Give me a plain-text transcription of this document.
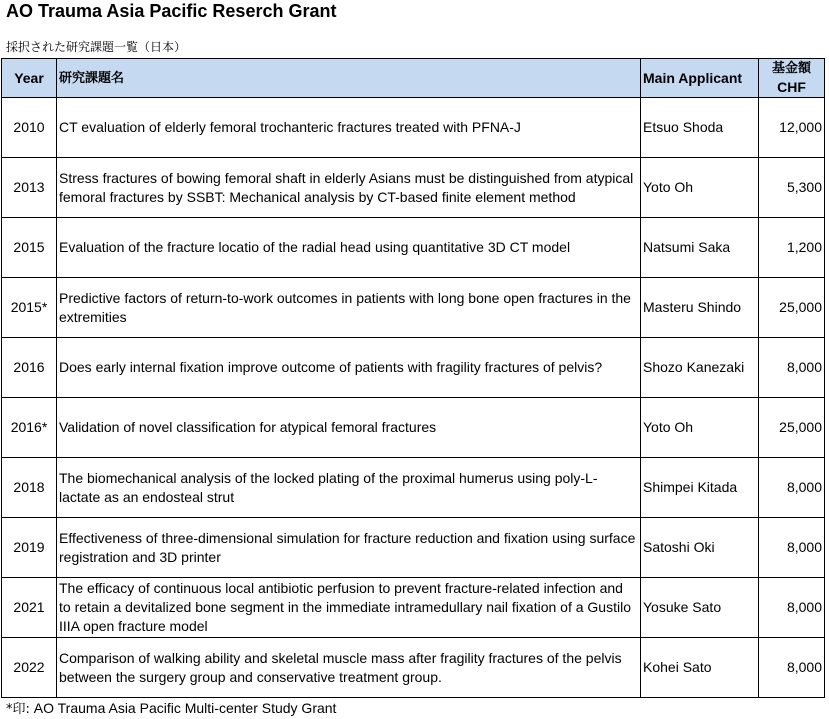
AO Trauma Asia Pacific Reserch Grant
採択された研究課題一覧（日本）
Year	研究課題名	Main Applicant	基金額
CHF

2010	CT evaluation of elderly femoral trochanteric fractures treated with PFNA-J	Etsuo Shoda	12,000
2013	Stress fractures of bowing femoral shaft in elderly Asians must be distinguished from atypical femoral fractures by SSBT: Mechanical analysis by CT-based finite element method	Yoto Oh	5,300
2015	Evaluation of the fracture locatio of the radial head using quantitative 3D CT model	Natsumi Saka	1,200
2015*	Predictive factors of return-to-work outcomes in patients with long bone open fractures in the extremities	Masteru Shindo	25,000
2016	Does early internal fixation improve outcome of patients with fragility fractures of pelvis?	Shozo Kanezaki	8,000
2016*	Validation of novel classification for atypical femoral fractures	Yoto Oh	25,000
2018	The biomechanical analysis of the locked plating of the proximal humerus using poly-L-lactate as an endosteal strut	Shimpei Kitada	8,000
2019	Effectiveness of three-dimensional simulation for fracture reduction and fixation using surface registration and 3D printer	Satoshi Oki	8,000
2021	The efficacy of continuous local antibiotic perfusion to prevent fracture-related infection and to retain a devitalized bone segment in the immediate intramedullary nail fixation of a Gustilo IIIA open fracture model	Yosuke Sato	8,000
2022	Comparison of walking ability and skeletal muscle mass after fragility fractures of the pelvis between the surgery group and conservative treatment group.	Kohei Sato	8,000
*印: AO Trauma Asia Pacific Multi-center Study Grant
